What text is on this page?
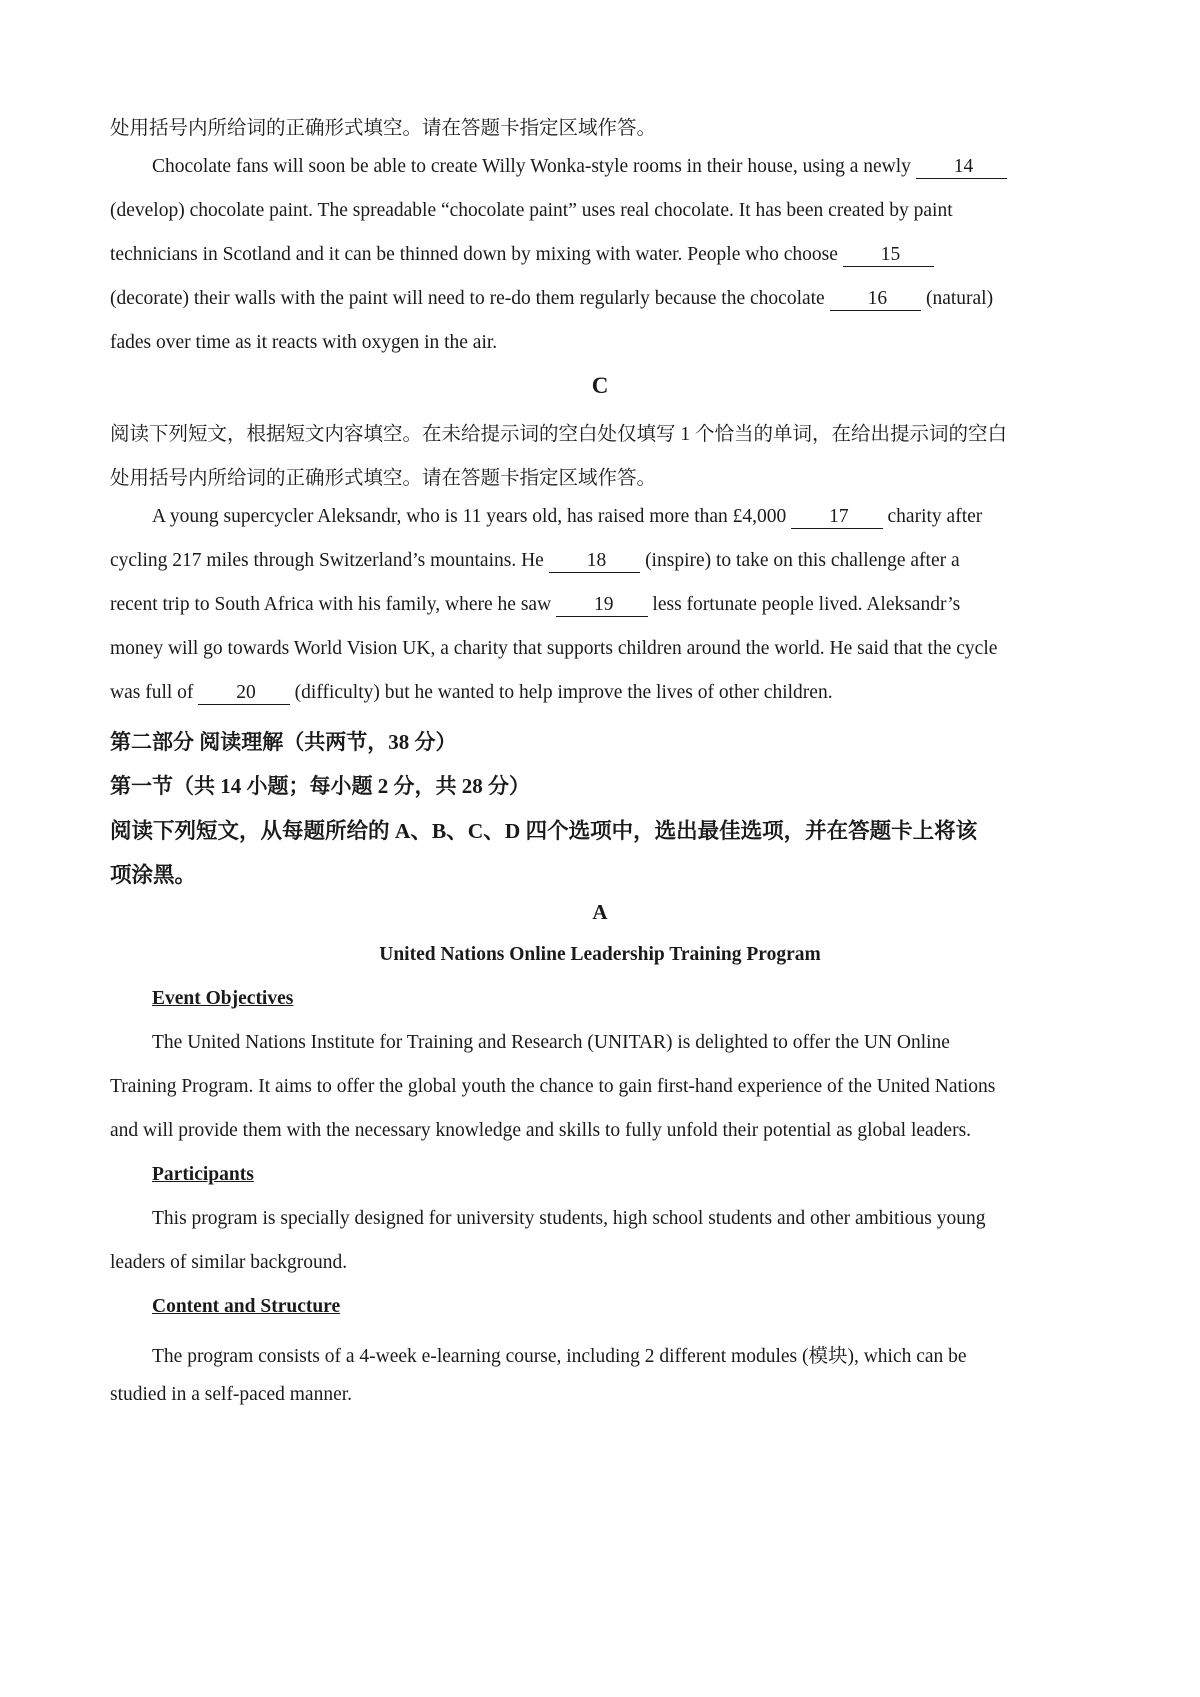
处用括号内所给词的正确形式填空。请在答题卡指定区域作答。
Chocolate fans will soon be able to create Willy Wonka-style rooms in their house, using a newly 14
(develop) chocolate paint. The spreadable “chocolate paint” uses real chocolate. It has been created by paint
technicians in Scotland and it can be thinned down by mixing with water. People who choose 15
(decorate) their walls with the paint will need to re-do them regularly because the chocolate 16 (natural)
fades over time as it reacts with oxygen in the air.
C
阅读下列短文，根据短文内容填空。在未给提示词的空白处仅填写 1 个恰当的单词，在给出提示词的空白
处用括号内所给词的正确形式填空。请在答题卡指定区域作答。
A young supercycler Aleksandr, who is 11 years old, has raised more than £4,000 17 charity after
cycling 217 miles through Switzerland’s mountains. He 18 (inspire) to take on this challenge after a
recent trip to South Africa with his family, where he saw 19 less fortunate people lived. Aleksandr’s
money will go towards World Vision UK, a charity that supports children around the world. He said that the cycle
was full of 20 (difficulty) but he wanted to help improve the lives of other children.
第二部分 阅读理解（共两节，38 分）
第一节（共 14 小题；每小题 2 分，共 28 分）
阅读下列短文，从每题所给的 A、B、C、D 四个选项中，选出最佳选项，并在答题卡上将该
项涂黑。
A
United Nations Online Leadership Training Program
Event Objectives
The United Nations Institute for Training and Research (UNITAR) is delighted to offer the UN Online
Training Program. It aims to offer the global youth the chance to gain first-hand experience of the United Nations
and will provide them with the necessary knowledge and skills to fully unfold their potential as global leaders.
Participants
This program is specially designed for university students, high school students and other ambitious young
leaders of similar background.
Content and Structure
The program consists of a 4-week e-learning course, including 2 different modules (模块), which can be
studied in a self-paced manner.
